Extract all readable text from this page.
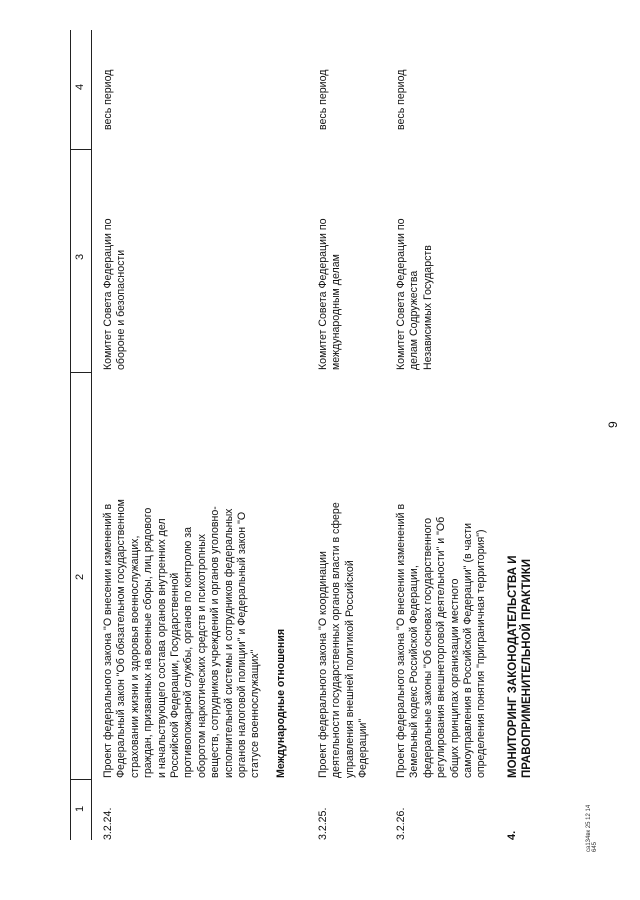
9
1
2
3
4
3.2.24.
Проект федерального закона "О внесении изменений в
Федеральный закон "Об обязательном государственном
страховании жизни и здоровья военнослужащих,
граждан, призванных на военные сборы, лиц рядового
и начальствующего состава органов внутренних дел
Российской Федерации, Государственной
противопожарной службы, органов по контролю за
оборотом наркотических средств и психотропных
веществ, сотрудников учреждений и органов уголовно-
исполнительной системы и сотрудников федеральных
органов налоговой полиции" и Федеральный закон "О
статусе военнослужащих"
Комитет Совета Федерации по
обороне и безопасности
весь период
Международные отношения
3.2.25.
Проект федерального закона "О координации
деятельности государственных органов власти в сфере
управления внешней политикой Российской
Федерации"
Комитет Совета Федерации по
международным делам
весь период
3.2.26.
Проект федерального закона "О внесении изменений в
Земельный кодекс Российской Федерации,
федеральные законы "Об основах государственного
регулирования внешнеторговой деятельности" и "Об
общих принципах организации местного
самоуправления в Российской Федерации" (в части
определения понятия "приграничная территория")
Комитет Совета Федерации по
делам Содружества
Независимых Государств
весь период
4.
МОНИТОРИНГ ЗАКОНОДАТЕЛЬСТВА И
ПРАВОПРИМЕНИТЕЛЬНОЙ ПРАКТИКИ
са134вк 25 12 14 645
